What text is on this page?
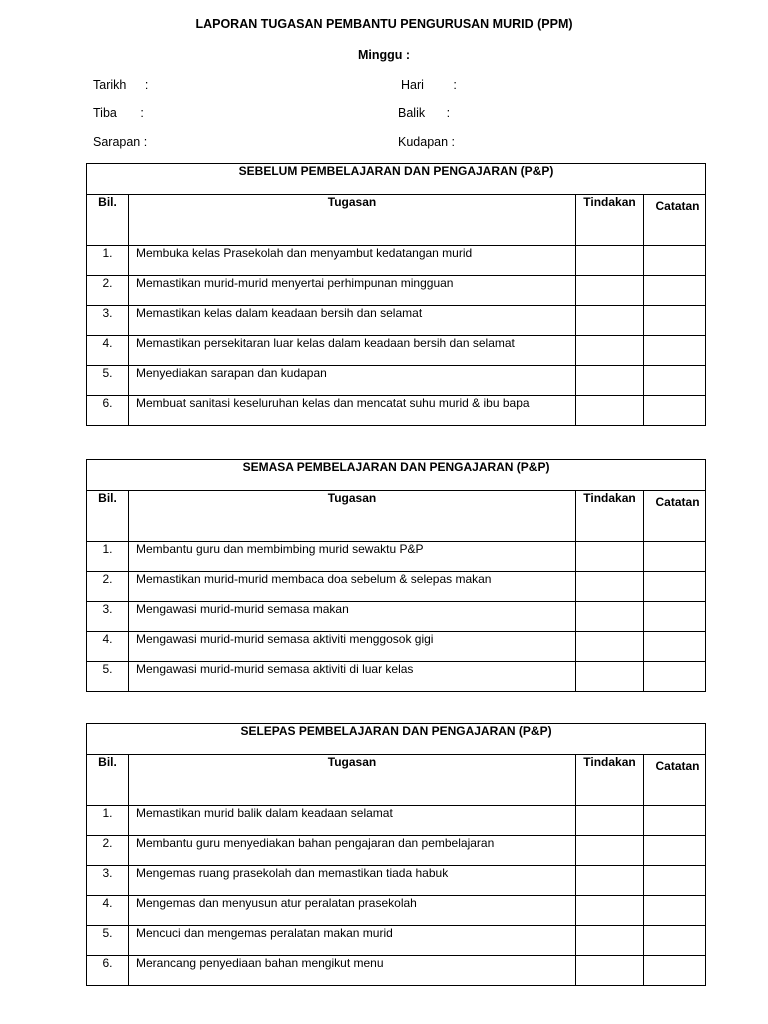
LAPORAN TUGASAN PEMBANTU PENGURUSAN MURID (PPM)
Minggu :
Tarikh :	Hari :
Tiba :	Balik :
Sarapan :	Kudapan :
SEBELUM PEMBELAJARAN DAN PENGAJARAN (P&P)			
Bil.	Tugasan	Tindakan	Catatan
1.	Membuka kelas Prasekolah dan menyambut kedatangan murid		
2.	Memastikan murid-murid menyertai perhimpunan mingguan		
3.	Memastikan kelas dalam keadaan bersih dan selamat		
4.	Memastikan persekitaran luar kelas dalam keadaan bersih dan selamat		
5.	Menyediakan sarapan dan kudapan		
6.	Membuat sanitasi keseluruhan kelas dan mencatat suhu murid & ibu bapa		
SEMASA PEMBELAJARAN DAN PENGAJARAN (P&P)			
Bil.	Tugasan	Tindakan	Catatan
1.	Membantu guru dan membimbing murid sewaktu P&P		
2.	Memastikan murid-murid membaca doa sebelum & selepas makan		
3.	Mengawasi murid-murid semasa makan		
4.	Mengawasi murid-murid semasa aktiviti menggosok gigi		
5.	Mengawasi murid-murid semasa aktiviti di luar kelas		
SELEPAS PEMBELAJARAN DAN PENGAJARAN (P&P)			
Bil.	Tugasan	Tindakan	Catatan
1.	Memastikan murid balik dalam keadaan selamat		
2.	Membantu guru menyediakan bahan pengajaran dan pembelajaran		
3.	Mengemas ruang prasekolah dan memastikan tiada habuk		
4.	Mengemas dan menyusun atur peralatan prasekolah		
5.	Mencuci dan mengemas peralatan makan murid		
6.	Merancang penyediaan bahan mengikut menu		
